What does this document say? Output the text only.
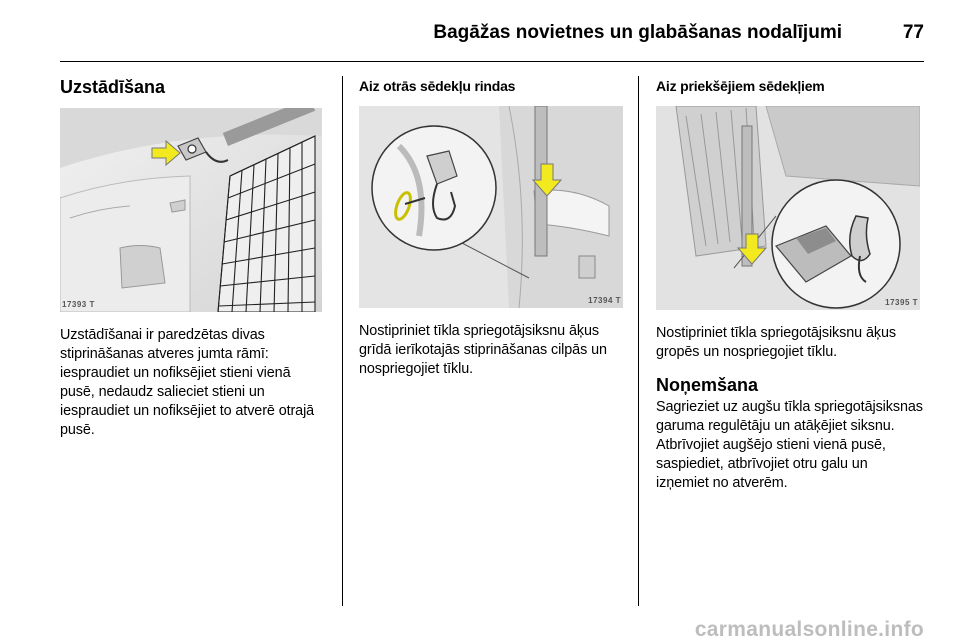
Bagāžas novietnes un glabāšanas nodalījumi	77
Uzstādīšana
17393 T

Uzstādīšanai ir paredzētas divas stiprināšanas atveres jumta rāmī: iespraudiet un nofiksējiet stieni vienā pusē, nedaudz salieciet stieni un iespraudiet un nofiksējiet to atverē otrajā pusē.

Aiz otrās sēdekļu rindas
17394 T

Nostipriniet tīkla spriegotājsiksnu āķus grīdā ierīkotajās stiprināšanas cilpās un nospriegojiet tīklu.

Aiz priekšējiem sēdekļiem
17395 T

Nostipriniet tīkla spriegotājsiksnu āķus gropēs un nospriegojiet tīklu.

Noņemšana

Sagrieziet uz augšu tīkla spriegotājsiksnas garuma regulētāju un atāķējiet siksnu. Atbrīvojiet augšējo stieni vienā pusē, saspiediet, atbrīvojiet otru galu un izņemiet no atverēm.

carmanualsonline.info
